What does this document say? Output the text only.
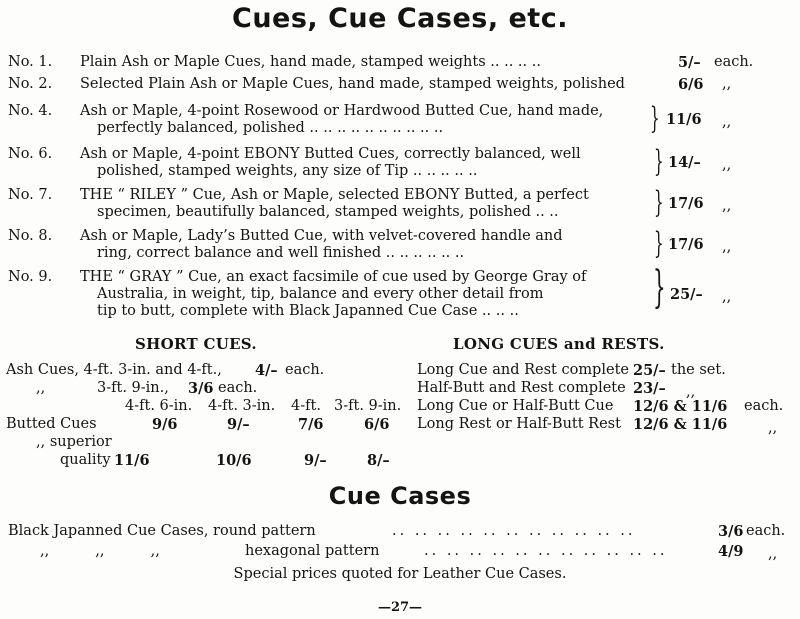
Cues, Cue Cases, etc.
No. 1. Plain Ash or Maple Cues, hand made, stamped weights .. .. .. ..	5/– each.
No. 2. Selected Plain Ash or Maple Cues, hand made, stamped weights, polished	6/6 ,,
No. 4. Ash or Maple, 4-point Rosewood or Hardwood Butted Cue, hand made,
perfectly balanced, polished .. .. .. .. .. .. .. .. .. ..	} 11/6 ,,
No. 6. Ash or Maple, 4-point EBONY Butted Cues, correctly balanced, well
polished, stamped weights, any size of Tip .. .. .. .. ..	} 14/– ,,
No. 7. THE “ RILEY ” Cue, Ash or Maple, selected EBONY Butted, a perfect
specimen, beautifully balanced, stamped weights, polished .. ..	} 17/6 ,,
No. 8. Ash or Maple, Lady’s Butted Cue, with velvet-covered handle and
ring, correct balance and well finished .. .. .. .. .. ..	} 17/6 ,,
No. 9. THE “ GRAY ” Cue, an exact facsimile of cue used by George Gray of
Australia, in weight, tip, balance and every other detail from
tip to butt, complete with Black Japanned Cue Case .. .. ..	} 25/– ,,
SHORT CUES.
Ash Cues, 4-ft. 3-in. and 4-ft., 4/– each.
,,	3-ft. 9-in., 3/6 each.
4-ft. 6-in. 4-ft. 3-in. 4-ft. 3-ft. 9-in.
Butted Cues	9/6	9/–	7/6	6/6
,, superior
quality 11/6	10/6	9/–	8/–
LONG CUES and RESTS.
Long Cue and Rest complete 25/– the set.
Half-Butt and Rest complete 23/– ,,
Long Cue or Half-Butt Cue 12/6 & 11/6 each.
Long Rest or Half-Butt Rest 12/6 & 11/6	,,
Cue Cases
Black Japanned Cue Cases, round pattern	.. .. .. .. .. .. .. .. .. .. ..	3/6 each.
,,          ,,          ,,	hexagonal pattern	.. .. .. .. .. .. .. .. .. .. ..	4/9 ,,
Special prices quoted for Leather Cue Cases.
—27—
